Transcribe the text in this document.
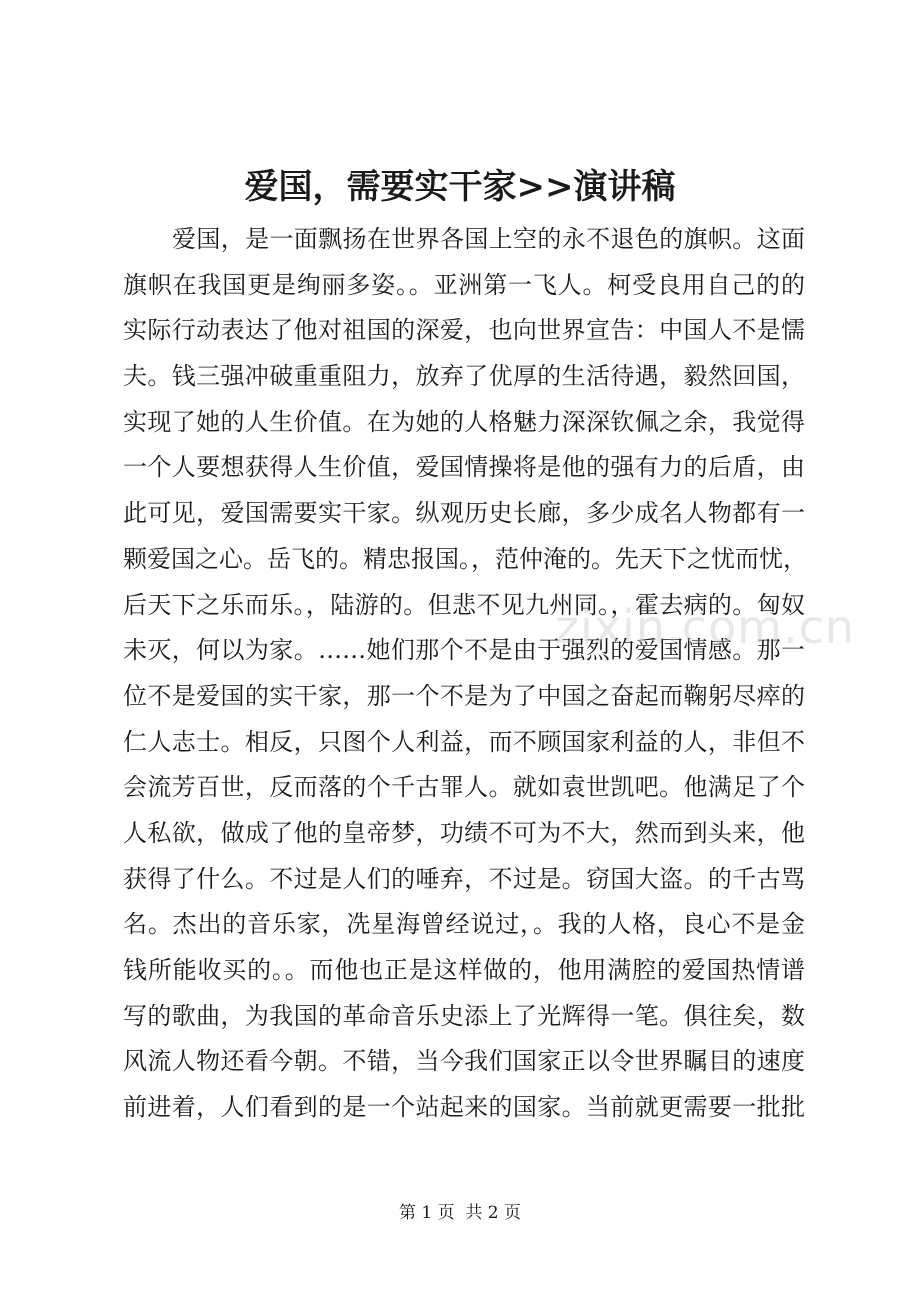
爱国，需要实干家>>演讲稿
爱国，是一面飘扬在世界各国上空的永不退色的旗帜。这面
旗帜在我国更是绚丽多姿。。亚洲第一飞人。柯受良用自己的的
实际行动表达了他对祖国的深爱，也向世界宣告：中国人不是懦
夫。钱三强冲破重重阻力，放弃了优厚的生活待遇，毅然回国，
实现了她的人生价值。在为她的人格魅力深深钦佩之余，我觉得
一个人要想获得人生价值，爱国情操将是他的强有力的后盾，由
此可见，爱国需要实干家。纵观历史长廊，多少成名人物都有一
颗爱国之心。岳飞的。精忠报国。，范仲淹的。先天下之忧而忧，
后天下之乐而乐。，陆游的。但悲不见九州同。，霍去病的。匈奴
未灭，何以为家。……她们那个不是由于强烈的爱国情感。那一
位不是爱国的实干家，那一个不是为了中国之奋起而鞠躬尽瘁的
仁人志士。相反，只图个人利益，而不顾国家利益的人，非但不
会流芳百世，反而落的个千古罪人。就如袁世凯吧。他满足了个
人私欲，做成了他的皇帝梦，功绩不可为不大，然而到头来，他
获得了什么。不过是人们的唾弃，不过是。窃国大盗。的千古骂
名。杰出的音乐家，冼星海曾经说过，。我的人格，良心不是金
钱所能收买的。。而他也正是这样做的，他用满腔的爱国热情谱
写的歌曲，为我国的革命音乐史添上了光辉得一笔。俱往矣，数
风流人物还看今朝。不错，当今我们国家正以令世界瞩目的速度
前进着，人们看到的是一个站起来的国家。当前就更需要一批批
zixin.com.cn
第 1 页  共 2 页
